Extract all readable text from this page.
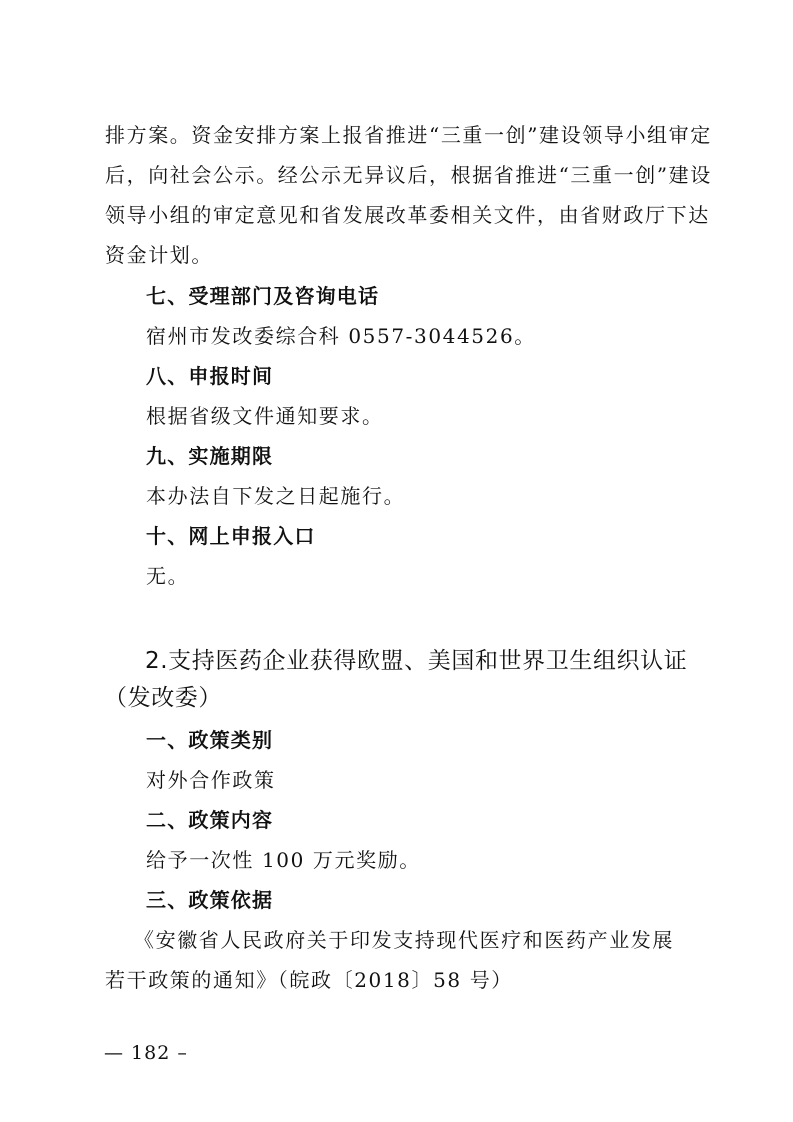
排方案。资金安排方案上报省推进“三重一创”建设领导小组审定
后，向社会公示。经公示无异议后，根据省推进“三重一创”建设
领导小组的审定意见和省发展改革委相关文件，由省财政厅下达
资金计划。
七、受理部门及咨询电话
宿州市发改委综合科 0557-3044526。
八、申报时间
根据省级文件通知要求。
九、实施期限
本办法自下发之日起施行。
十、网上申报入口
无。
2.支持医药企业获得欧盟、美国和世界卫生组织认证
（发改委）
一、政策类别
对外合作政策
二、政策内容
给予一次性 100 万元奖励。
三、政策依据
《安徽省人民政府关于印发支持现代医疗和医药产业发展
若干政策的通知》（皖政〔2018〕58 号）
— 182 –
